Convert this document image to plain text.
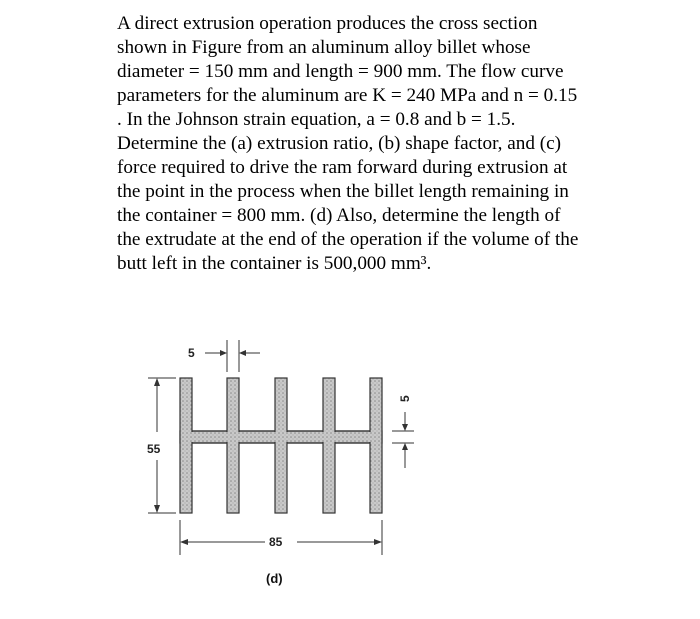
A direct extrusion operation produces the cross section
shown in Figure from an aluminum alloy billet whose
diameter = 150 mm and length = 900 mm. The flow curve
parameters for the aluminum are K = 240 MPa and n = 0.15
. In the Johnson strain equation, a = 0.8 and b = 1.5.
Determine the (a) extrusion ratio, (b) shape factor, and (c)
force required to drive the ram forward during extrusion at
the point in the process when the billet length remaining in
the container = 800 mm. (d) Also, determine the length of
the extrudate at the end of the operation if the volume of the
butt left in the container is 500,000 mm³.
5
55
5
85
(d)
